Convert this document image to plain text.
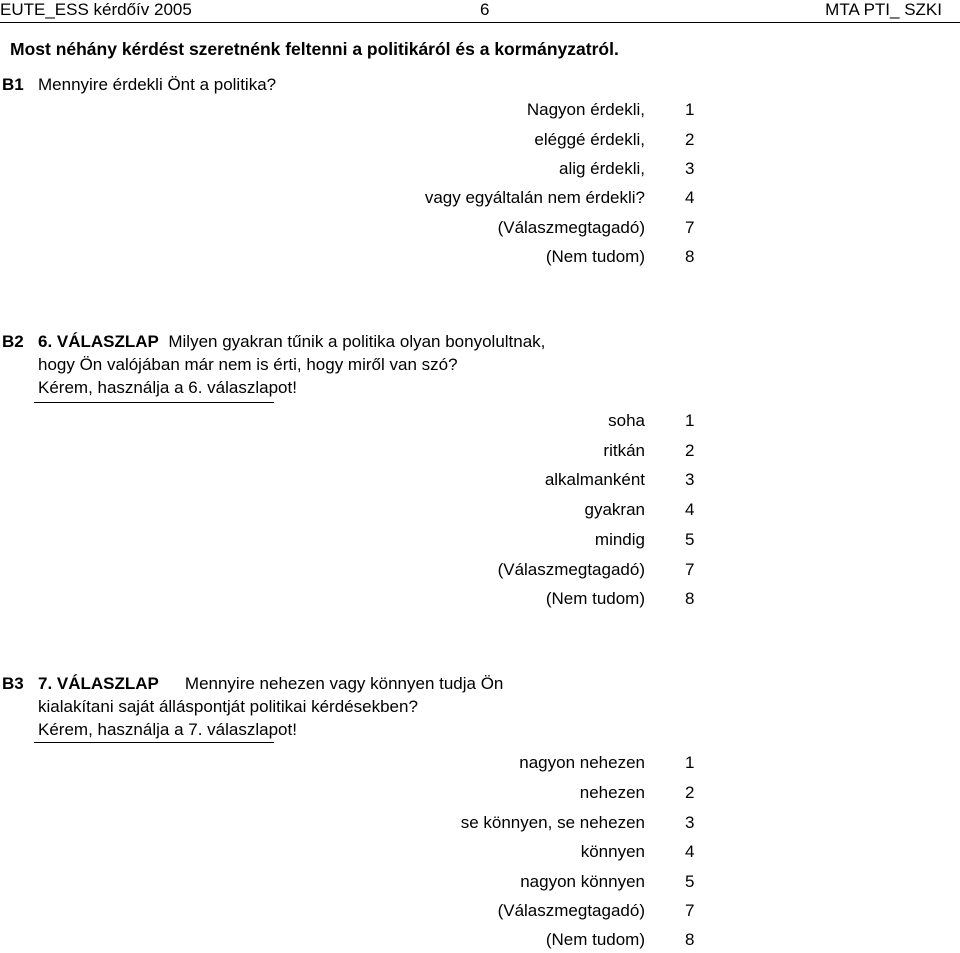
EUTE_ESS kérdőív 2005	6	MTA PTI_ SZKI
Most néhány kérdést szeretnénk feltenni a politikáról és a kormányzatról.
B1 Mennyire érdekli Önt a politika?
Nagyon érdekli, 1
eléggé érdekli, 2
alig érdekli, 3
vagy egyáltalán nem érdekli? 4
(Válaszmegtagadó) 7
(Nem tudom) 8
B2 6. VÁLASZLAP Milyen gyakran tűnik a politika olyan bonyolultnak,
hogy Ön valójában már nem is érti, hogy miről van szó?
Kérem, használja a 6. válaszlapot!
soha 1
ritkán 2
alkalmanként 3
gyakran 4
mindig 5
(Válaszmegtagadó) 7
(Nem tudom) 8
B3 7. VÁLASZLAP Mennyire nehezen vagy könnyen tudja Ön
kialakítani saját álláspontját politikai kérdésekben?
Kérem, használja a 7. válaszlapot!
nagyon nehezen 1
nehezen 2
se könnyen, se nehezen 3
könnyen 4
nagyon könnyen 5
(Válaszmegtagadó) 7
(Nem tudom) 8
